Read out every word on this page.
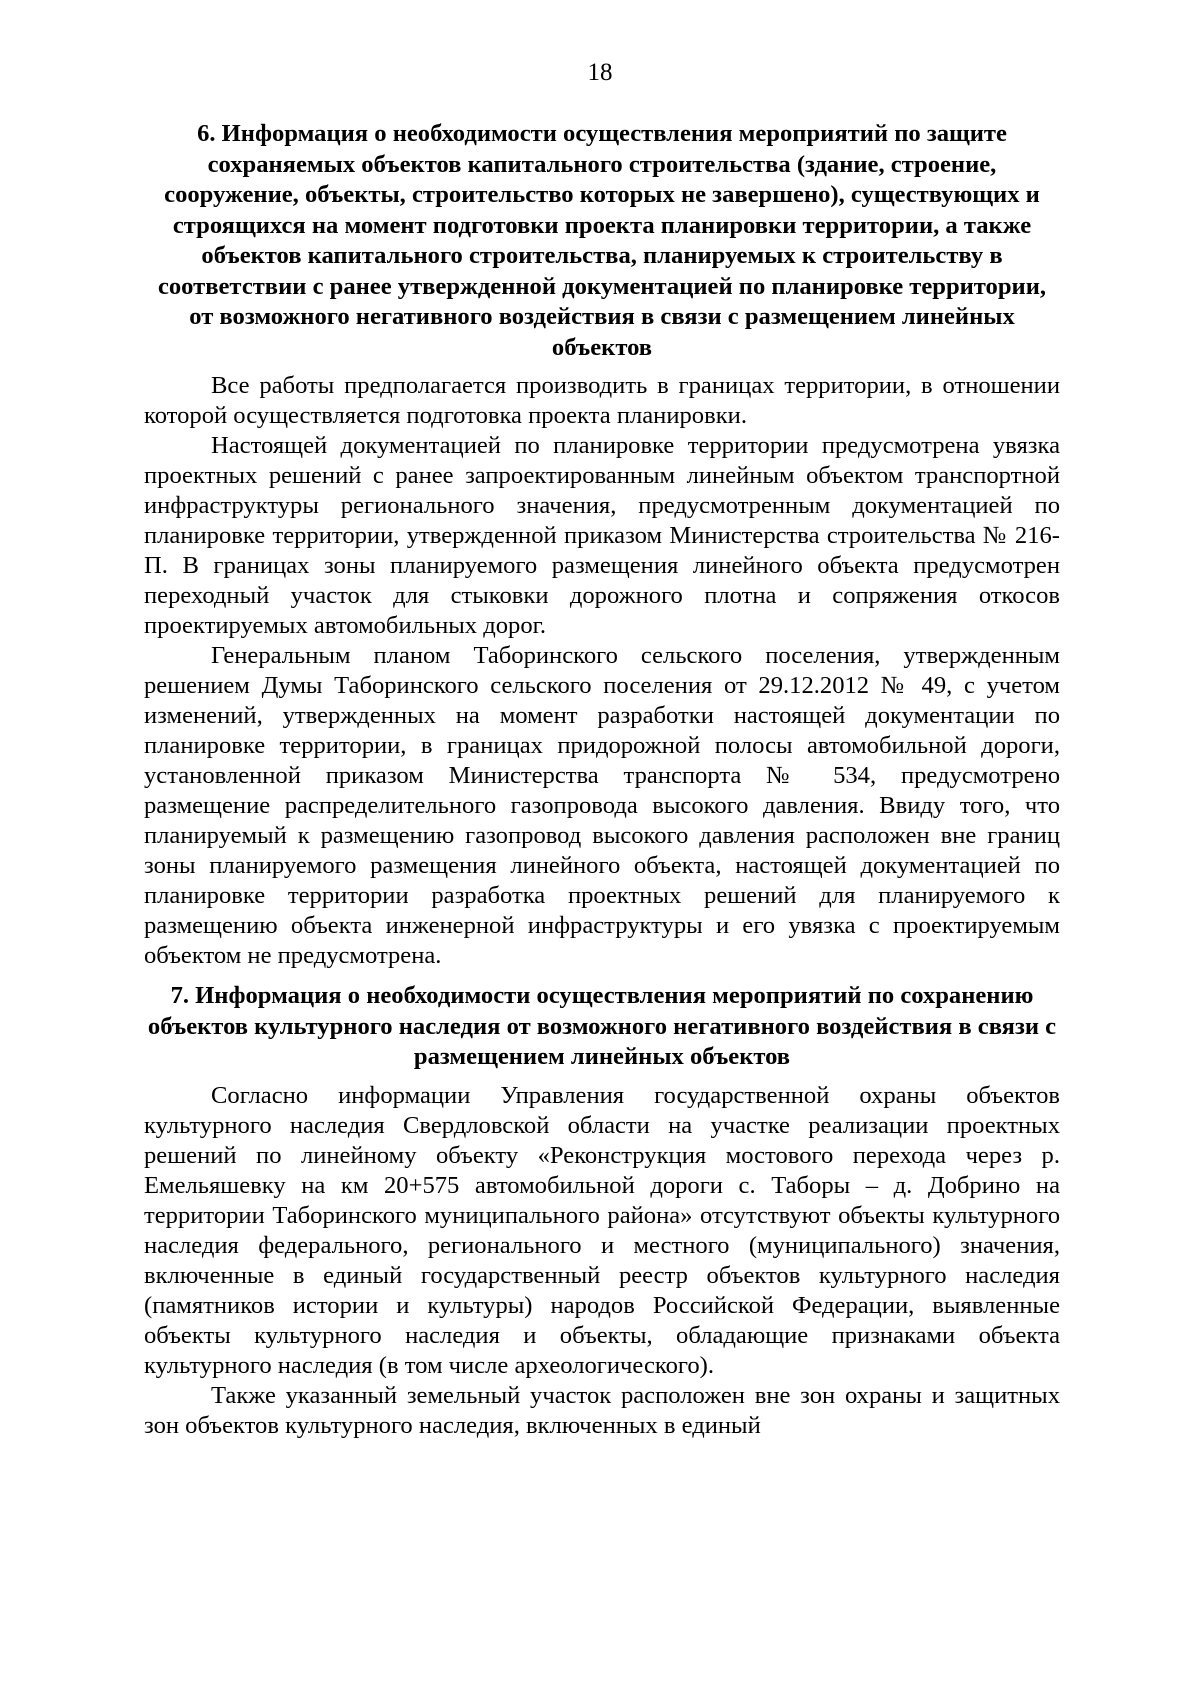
18
6. Информация о необходимости осуществления мероприятий по защите сохраняемых объектов капитального строительства (здание, строение, сооружение, объекты, строительство которых не завершено), существующих и строящихся на момент подготовки проекта планировки территории, а также объектов капитального строительства, планируемых к строительству в соответствии с ранее утвержденной документацией по планировке территории, от возможного негативного воздействия в связи с размещением линейных объектов

Все работы предполагается производить в границах территории, в отношении которой осуществляется подготовка проекта планировки.

Настоящей документацией по планировке территории предусмотрена увязка проектных решений с ранее запроектированным линейным объектом транспортной инфраструктуры регионального значения, предусмотренным документацией по планировке территории, утвержденной приказом Министерства строительства № 216-П. В границах зоны планируемого размещения линейного объекта предусмотрен переходный участок для стыковки дорожного плотна и сопряжения откосов проектируемых автомобильных дорог.

Генеральным планом Таборинского сельского поселения, утвержденным решением Думы Таборинского сельского поселения от 29.12.2012 № 49, с учетом изменений, утвержденных на момент разработки настоящей документации по планировке территории, в границах придорожной полосы автомобильной дороги, установленной приказом Министерства транспорта № 534, предусмотрено размещение распределительного газопровода высокого давления. Ввиду того, что планируемый к размещению газопровод высокого давления расположен вне границ зоны планируемого размещения линейного объекта, настоящей документацией по планировке территории разработка проектных решений для планируемого к размещению объекта инженерной инфраструктуры и его увязка с проектируемым объектом не предусмотрена.

7. Информация о необходимости осуществления мероприятий по сохранению объектов культурного наследия от возможного негативного воздействия в связи с размещением линейных объектов

Согласно информации Управления государственной охраны объектов культурного наследия Свердловской области на участке реализации проектных решений по линейному объекту «Реконструкция мостового перехода через р. Емельяшевку на км 20+575 автомобильной дороги с. Таборы – д. Добрино на территории Таборинского муниципального района» отсутствуют объекты культурного наследия федерального, регионального и местного (муниципального) значения, включенные в единый государственный реестр объектов культурного наследия (памятников истории и культуры) народов Российской Федерации, выявленные объекты культурного наследия и объекты, обладающие признаками объекта культурного наследия (в том числе археологического).

Также указанный земельный участок расположен вне зон охраны и защитных зон объектов культурного наследия, включенных в единый
